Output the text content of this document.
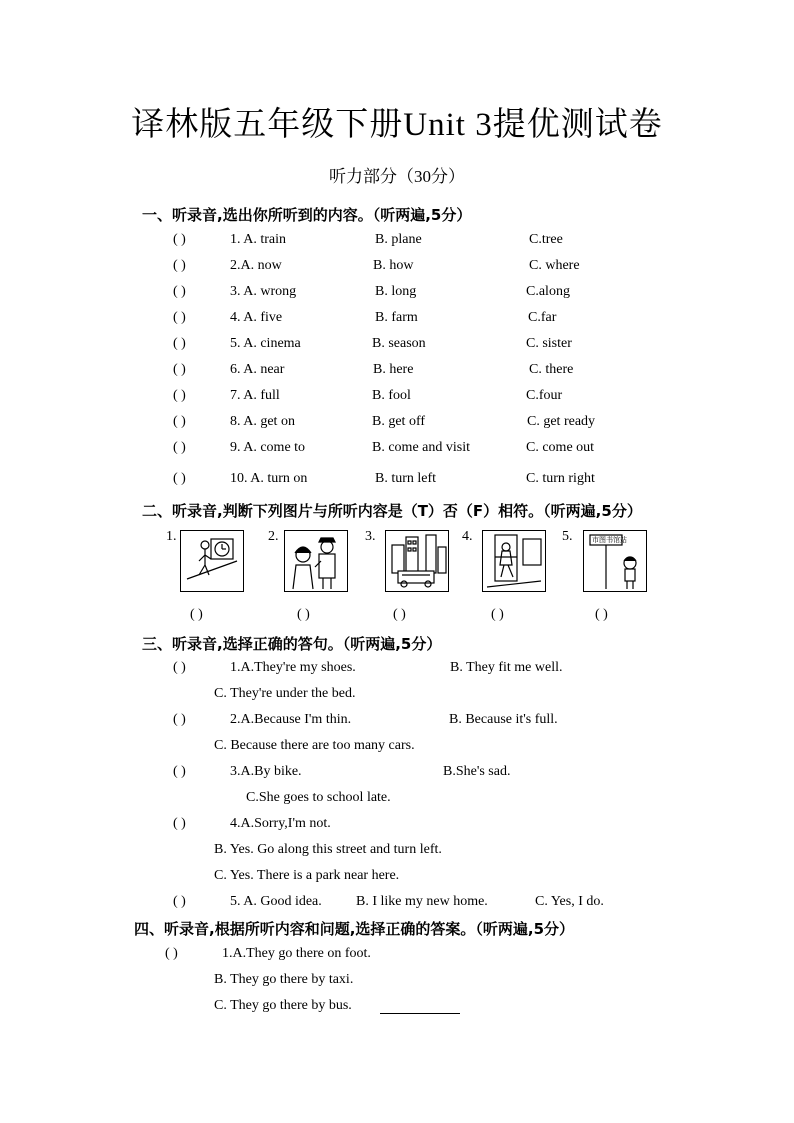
译林版五年级下册Unit 3提优测试卷
听力部分（30分）
一、听录音,选出你所听到的内容。（听两遍,5分）
( )	1. A. train	B. plane	C.tree
( )	2.A. now	B. how	C. where
( )	3. A. wrong	B. long	C.along
( )	4. A. five	B. farm	C.far
( )	5. A. cinema	B. season	C. sister
( )	6. A. near	B. here	C. there
( )	7. A. full	B. fool	C.four
( )	8. A. get on	B. get off	C. get ready
( )	9. A. come to	B. come and visit	C. come out
( )	10. A. turn on	B. turn left	C. turn right
二、听录音,判断下列图片与所听内容是（T）否（F）相符。（听两遍,5分）
1.	2.	3.	4.	5.	市图书馆站
( )	( )	( )	( )	( )
三、听录音,选择正确的答句。（听两遍,5分）
( )	1.A.They're my shoes.	B. They fit me well.
C. They're under the bed.
( )	2.A.Because I'm thin.	B. Because it's full.
C. Because there are too many cars.
( )	3.A.By bike.	B.She's sad.
C.She goes to school late.
( )	4.A.Sorry,I'm not.
B. Yes. Go along this street and turn left.
C. Yes. There is a park near here.
( )	5. A. Good idea. B. I like my new home.	C. Yes, I do.
四、听录音,根据所听内容和问题,选择正确的答案。（听两遍,5分）
( )	1.A.They go there on foot.
B. They go there by taxi.
C. They go there by bus.
